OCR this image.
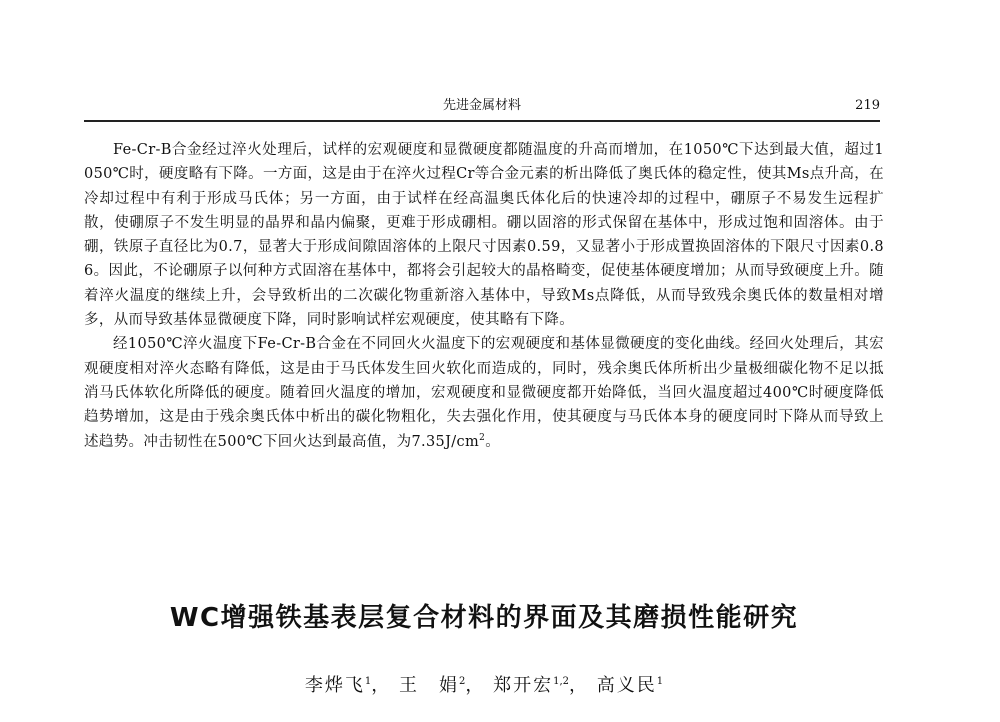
先进金属材料	219

Fe-Cr-B合金经过淬火处理后，试样的宏观硬度和显微硬度都随温度的升高而增加，在1050℃下达到最大值，超过1050℃时，硬度略有下降。一方面，这是由于在淬火过程Cr等合金元素的析出降低了奥氏体的稳定性，使其Ms点升高，在冷却过程中有利于形成马氏体；另一方面，由于试样在经高温奥氏体化后的快速冷却的过程中，硼原子不易发生远程扩散，使硼原子不发生明显的晶界和晶内偏聚，更难于形成硼相。硼以固溶的形式保留在基体中，形成过饱和固溶体。由于硼，铁原子直径比为0.7，显著大于形成间隙固溶体的上限尺寸因素0.59，又显著小于形成置换固溶体的下限尺寸因素0.86。因此，不论硼原子以何种方式固溶在基体中，都将会引起较大的晶格畸变，促使基体硬度增加；从而导致硬度上升。随着淬火温度的继续上升，会导致析出的二次碳化物重新溶入基体中，导致Ms点降低，从而导致残余奥氏体的数量相对增多，从而导致基体显微硬度下降，同时影响试样宏观硬度，使其略有下降。

经1050℃淬火温度下Fe-Cr-B合金在不同回火火温度下的宏观硬度和基体显微硬度的变化曲线。经回火处理后，其宏观硬度相对淬火态略有降低，这是由于马氏体发生回火软化而造成的，同时，残余奥氏体所析出少量极细碳化物不足以抵消马氏体软化所降低的硬度。随着回火温度的增加，宏观硬度和显微硬度都开始降低，当回火温度超过400℃时硬度降低趋势增加，这是由于残余奥氏体中析出的碳化物粗化，失去强化作用，使其硬度与马氏体本身的硬度同时下降从而导致上述趋势。冲击韧性在500℃下回火达到最高值，为$7.35J/cm^2$。

WC增强铁基表层复合材料的界面及其磨损性能研究
李烨飞$^1$， 王　娟$^2$， 郑开宏$^{1,2}$， 高义民$^1$
